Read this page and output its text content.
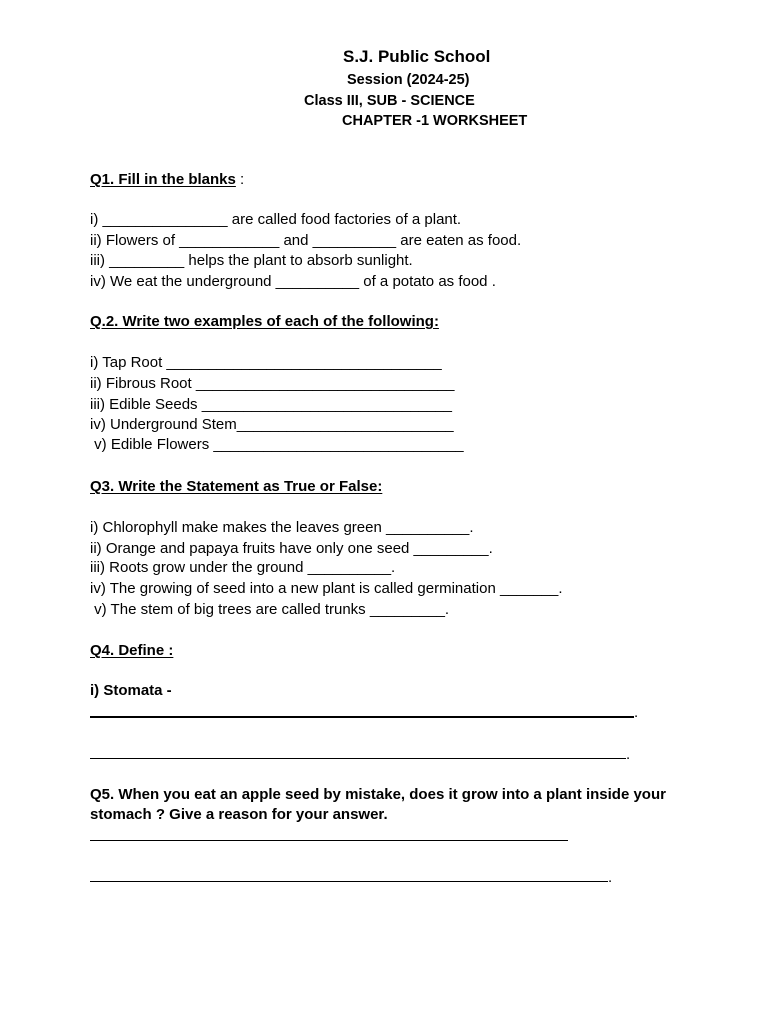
S.J. Public School
Session (2024-25)
Class III, SUB - SCIENCE
CHAPTER -1 WORKSHEET
Q1. Fill in the blanks :
i) _______________ are called food factories of a plant.
ii) Flowers of ____________ and __________ are eaten as food.
iii) _________ helps the plant to absorb sunlight.
iv) We eat the underground __________ of a potato as food .
Q.2. Write two examples of each of the following:
i) Tap Root _________________________________
ii) Fibrous Root _______________________________
iii) Edible Seeds ______________________________
iv) Underground Stem__________________________
v) Edible Flowers ______________________________
Q3. Write the Statement as True or False:
i) Chlorophyll make makes the leaves green __________.
ii) Orange and papaya fruits have only one seed _________.
iii) Roots grow under the ground __________.
iv) The growing of seed into a new plant is called germination _______.
v) The stem of big trees are called trunks _________.
Q4. Define :
i) Stomata -
.
.
Q5. When you eat an apple seed by mistake, does it grow into a plant inside your
stomach ? Give a reason for your answer.
.
